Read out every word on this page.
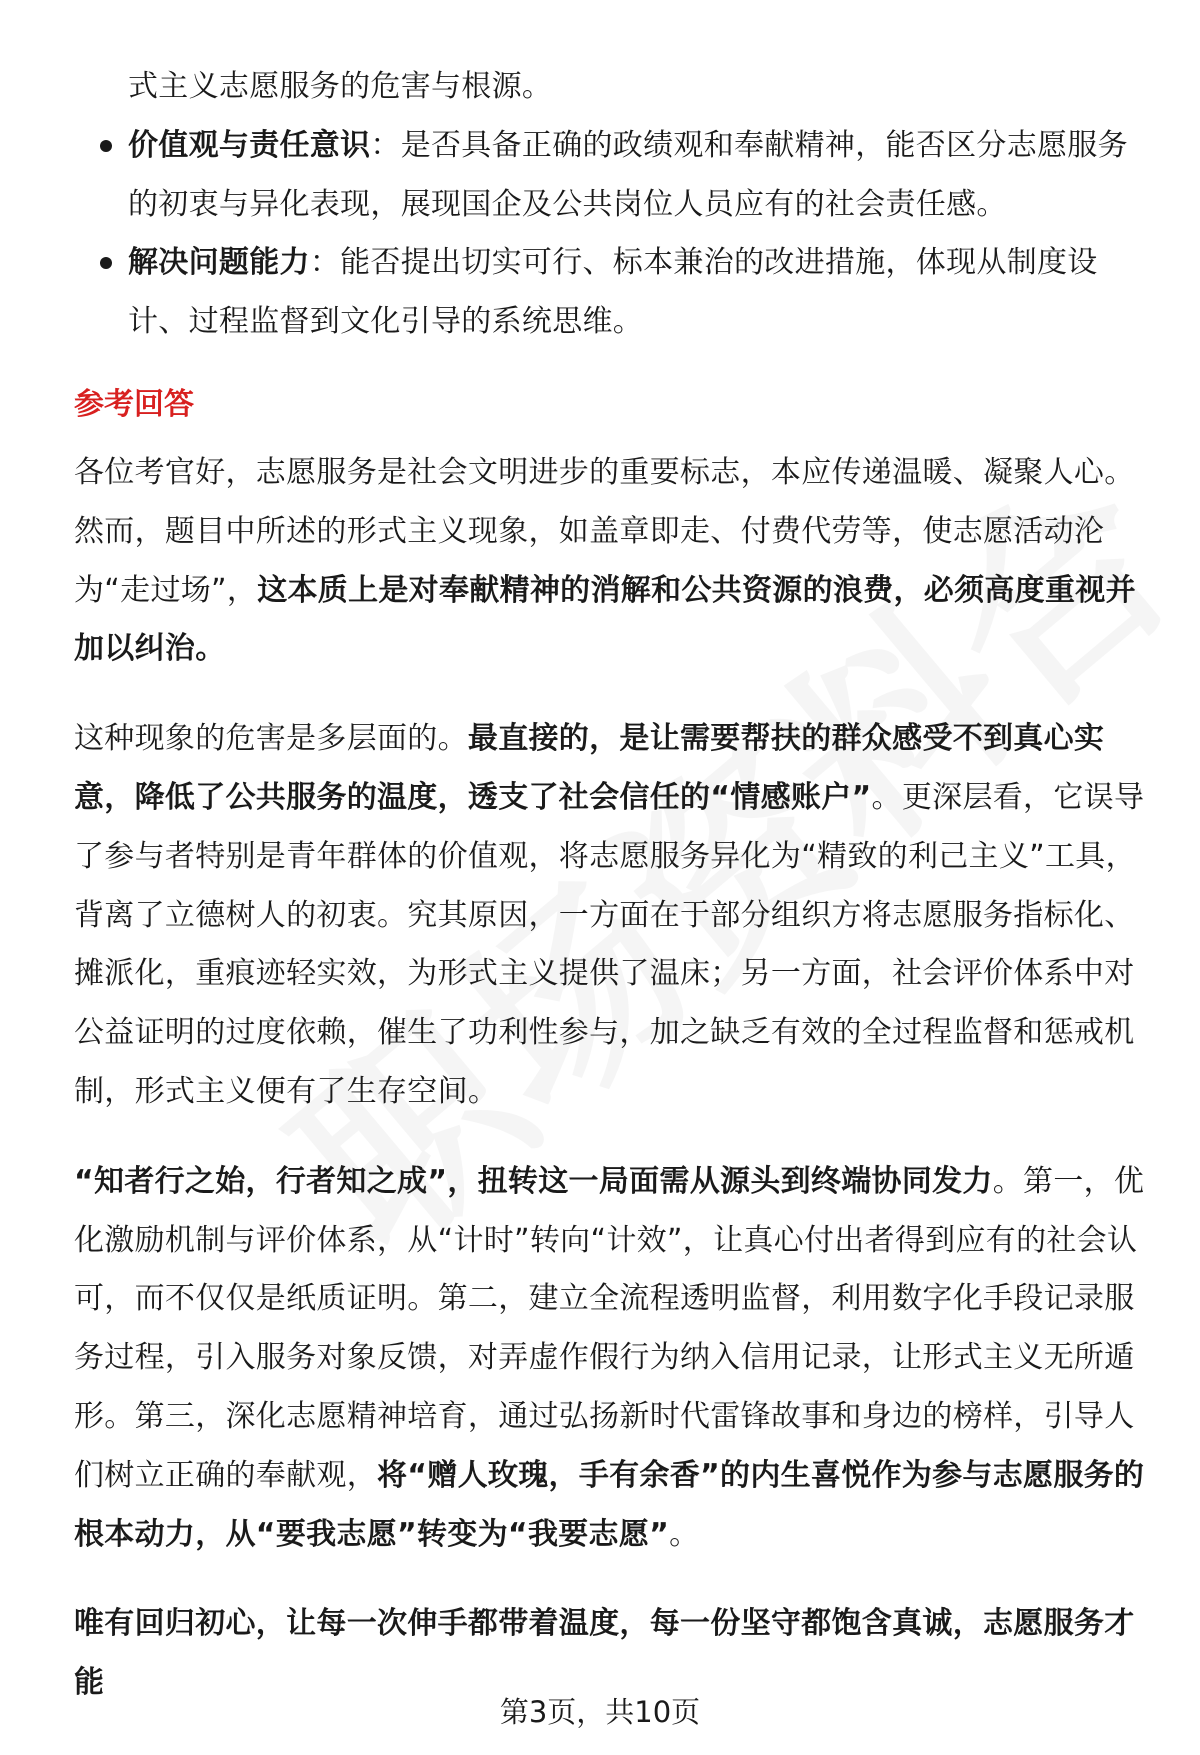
式主义志愿服务的危害与根源。

价值观与责任意识：是否具备正确的政绩观和奉献精神，能否区分志愿服务的初衷与异化表现，展现国企及公共岗位人员应有的社会责任感。
解决问题能力：能否提出切实可行、标本兼治的改进措施，体现从制度设计、过程监督到文化引导的系统思维。
参考回答

各位考官好，志愿服务是社会文明进步的重要标志，本应传递温暖、凝聚人心。然而，题目中所述的形式主义现象，如盖章即走、付费代劳等，使志愿活动沦为“走过场”，这本质上是对奉献精神的消解和公共资源的浪费，必须高度重视并加以纠治。

这种现象的危害是多层面的。最直接的，是让需要帮扶的群众感受不到真心实意，降低了公共服务的温度，透支了社会信任的“情感账户”。更深层看，它误导了参与者特别是青年群体的价值观，将志愿服务异化为“精致的利己主义”工具，背离了立德树人的初衷。究其原因，一方面在于部分组织方将志愿服务指标化、摊派化，重痕迹轻实效，为形式主义提供了温床；另一方面，社会评价体系中对公益证明的过度依赖，催生了功利性参与，加之缺乏有效的全过程监督和惩戒机制，形式主义便有了生存空间。

“知者行之始，行者知之成”，扭转这一局面需从源头到终端协同发力。第一，优化激励机制与评价体系，从“计时”转向“计效”，让真心付出者得到应有的社会认可，而不仅仅是纸质证明。第二，建立全流程透明监督，利用数字化手段记录服务过程，引入服务对象反馈，对弄虚作假行为纳入信用记录，让形式主义无所遁形。第三，深化志愿精神培育，通过弘扬新时代雷锋故事和身边的榜样，引导人们树立正确的奉献观，将“赠人玫瑰，手有余香”的内生喜悦作为参与志愿服务的根本动力，从“要我志愿”转变为“我要志愿”。

唯有回归初心，让每一次伸手都带着温度，每一份坚守都饱含真诚，志愿服务才能

第3页，共10页
